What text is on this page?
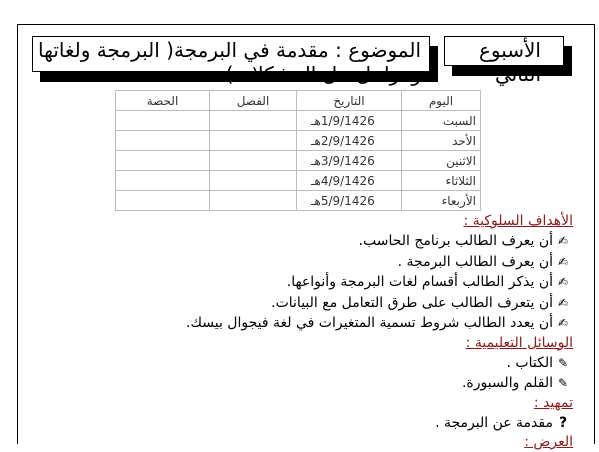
الأسبوع
الثاني
الموضوع : مقدمة في البرمجة( البرمجة ولغاتها
ومراحل حل المشكلات)
اليوم	التاريخ	الفصل	الحصة
السبت	1/9/1426هـ		
الأحد	2/9/1426هـ		
الاثنين	3/9/1426هـ		
الثلاثاء	4/9/1426هـ		
الأربعاء	5/9/1426هـ		
الأهداف السلوكية :
✍أن يعرف الطالب برنامج الحاسب.
✍أن يعرف الطالب البرمجة .
✍أن يذكر الطالب أقسام لغات البرمجة وأنواعها.
✍أن يتعرف الطالب على طرق التعامل مع البيانات.
✍أن يعدد الطالب شروط تسمية المتغيرات في لغة فيجوال بيسك.
الوسائل التعليمية :
✎الكتاب .
✎القلم والسبورة.
تمهيد :
?مقدمة عن البرمجة .
العرض :
